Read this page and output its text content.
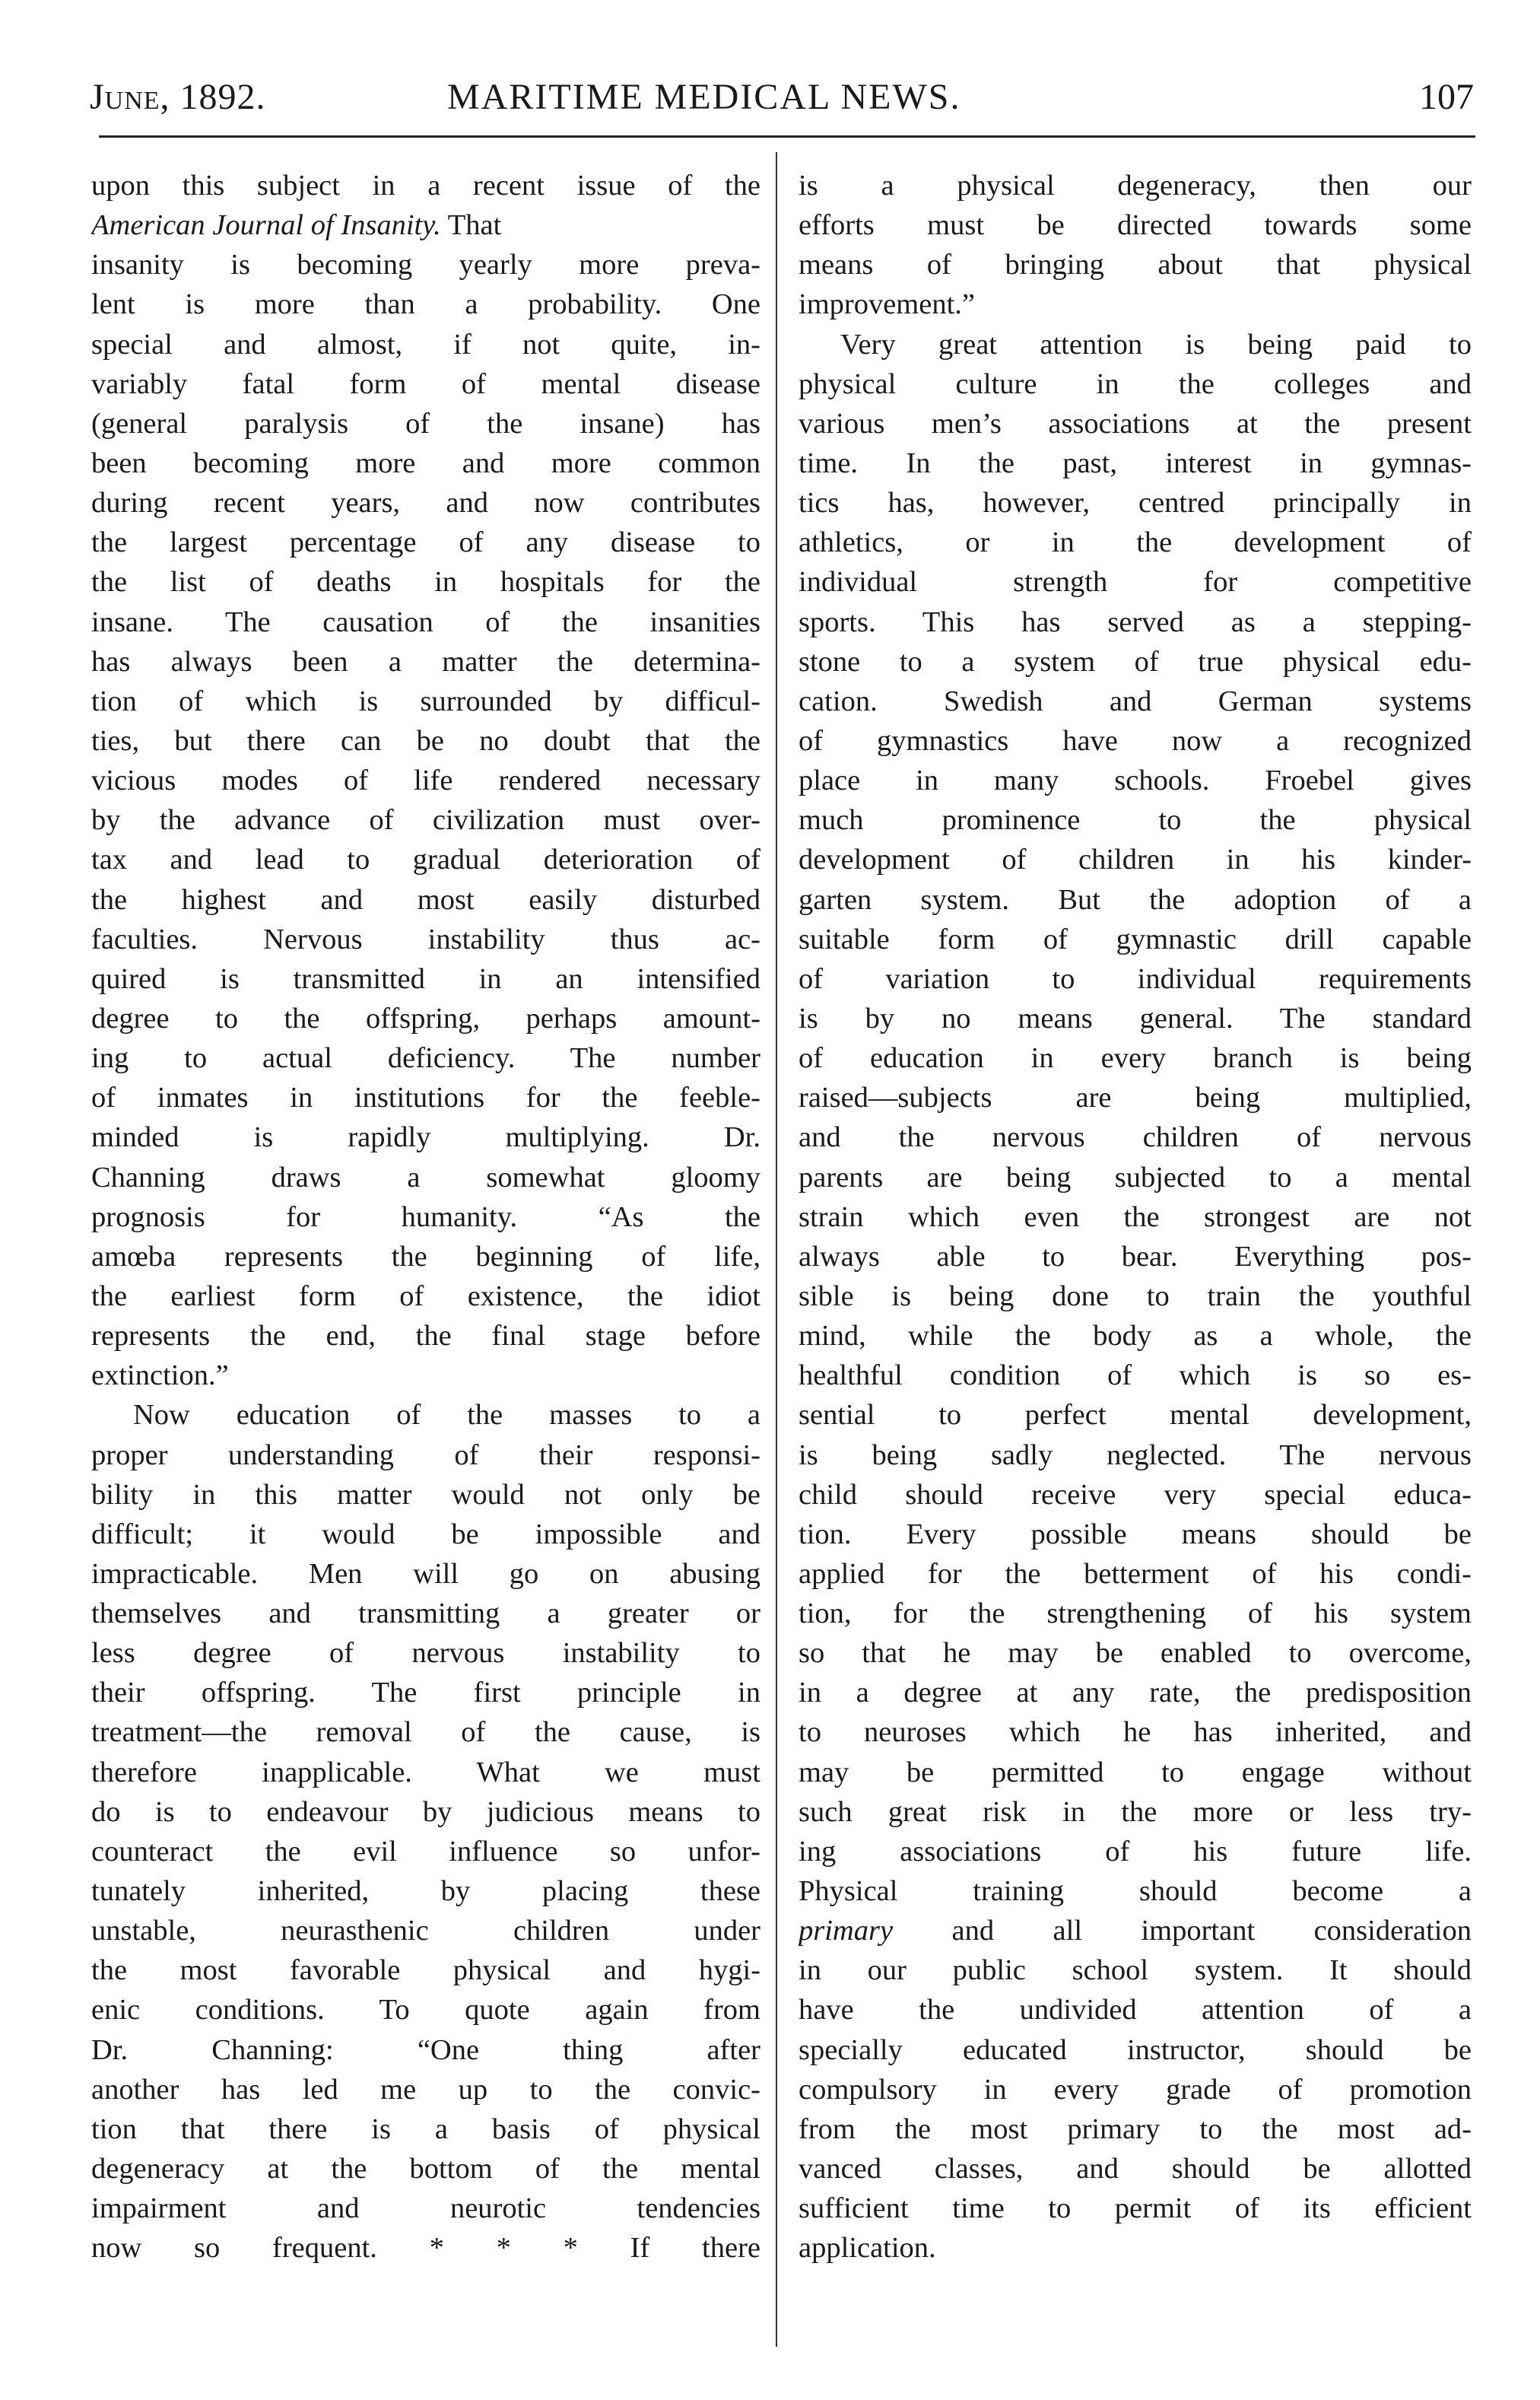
June, 1892.	MARITIME MEDICAL NEWS.	107
upon this subject in a recent issue of the
American Journal of Insanity. That
insanity is becoming yearly more preva-
lent is more than a probability. One
special and almost, if not quite, in-
variably fatal form of mental disease
(general paralysis of the insane) has
been becoming more and more common
during recent years, and now contributes
the largest percentage of any disease to
the list of deaths in hospitals for the
insane. The causation of the insanities
has always been a matter the determina-
tion of which is surrounded by difficul-
ties, but there can be no doubt that the
vicious modes of life rendered necessary
by the advance of civilization must over-
tax and lead to gradual deterioration of
the highest and most easily disturbed
faculties. Nervous instability thus ac-
quired is transmitted in an intensified
degree to the offspring, perhaps amount-
ing to actual deficiency. The number
of inmates in institutions for the feeble-
minded is rapidly multiplying. Dr.
Channing draws a somewhat gloomy
prognosis for humanity. “As the
amœba represents the beginning of life,
the earliest form of existence, the idiot
represents the end, the final stage before
extinction.”
Now education of the masses to a
proper understanding of their responsi-
bility in this matter would not only be
difficult; it would be impossible and
impracticable. Men will go on abusing
themselves and transmitting a greater or
less degree of nervous instability to
their offspring. The first principle in
treatment—the removal of the cause, is
therefore inapplicable. What we must
do is to endeavour by judicious means to
counteract the evil influence so unfor-
tunately inherited, by placing these
unstable, neurasthenic children under
the most favorable physical and hygi-
enic conditions. To quote again from
Dr. Channing: “One thing after
another has led me up to the convic-
tion that there is a basis of physical
degeneracy at the bottom of the mental
impairment and neurotic tendencies
now so frequent. * * * If there
is a physical degeneracy, then our
efforts must be directed towards some
means of bringing about that physical
improvement.”
Very great attention is being paid to
physical culture in the colleges and
various men’s associations at the present
time. In the past, interest in gymnas-
tics has, however, centred principally in
athletics, or in the development of
individual strength for competitive
sports. This has served as a stepping-
stone to a system of true physical edu-
cation. Swedish and German systems
of gymnastics have now a recognized
place in many schools. Froebel gives
much prominence to the physical
development of children in his kinder-
garten system. But the adoption of a
suitable form of gymnastic drill capable
of variation to individual requirements
is by no means general. The standard
of education in every branch is being
raised—subjects are being multiplied,
and the nervous children of nervous
parents are being subjected to a mental
strain which even the strongest are not
always able to bear. Everything pos-
sible is being done to train the youthful
mind, while the body as a whole, the
healthful condition of which is so es-
sential to perfect mental development,
is being sadly neglected. The nervous
child should receive very special educa-
tion. Every possible means should be
applied for the betterment of his condi-
tion, for the strengthening of his system
so that he may be enabled to overcome,
in a degree at any rate, the predisposition
to neuroses which he has inherited, and
may be permitted to engage without
such great risk in the more or less try-
ing associations of his future life.
Physical training should become a
primary and all important consideration
in our public school system. It should
have the undivided attention of a
specially educated instructor, should be
compulsory in every grade of promotion
from the most primary to the most ad-
vanced classes, and should be allotted
sufficient time to permit of its efficient
application.
